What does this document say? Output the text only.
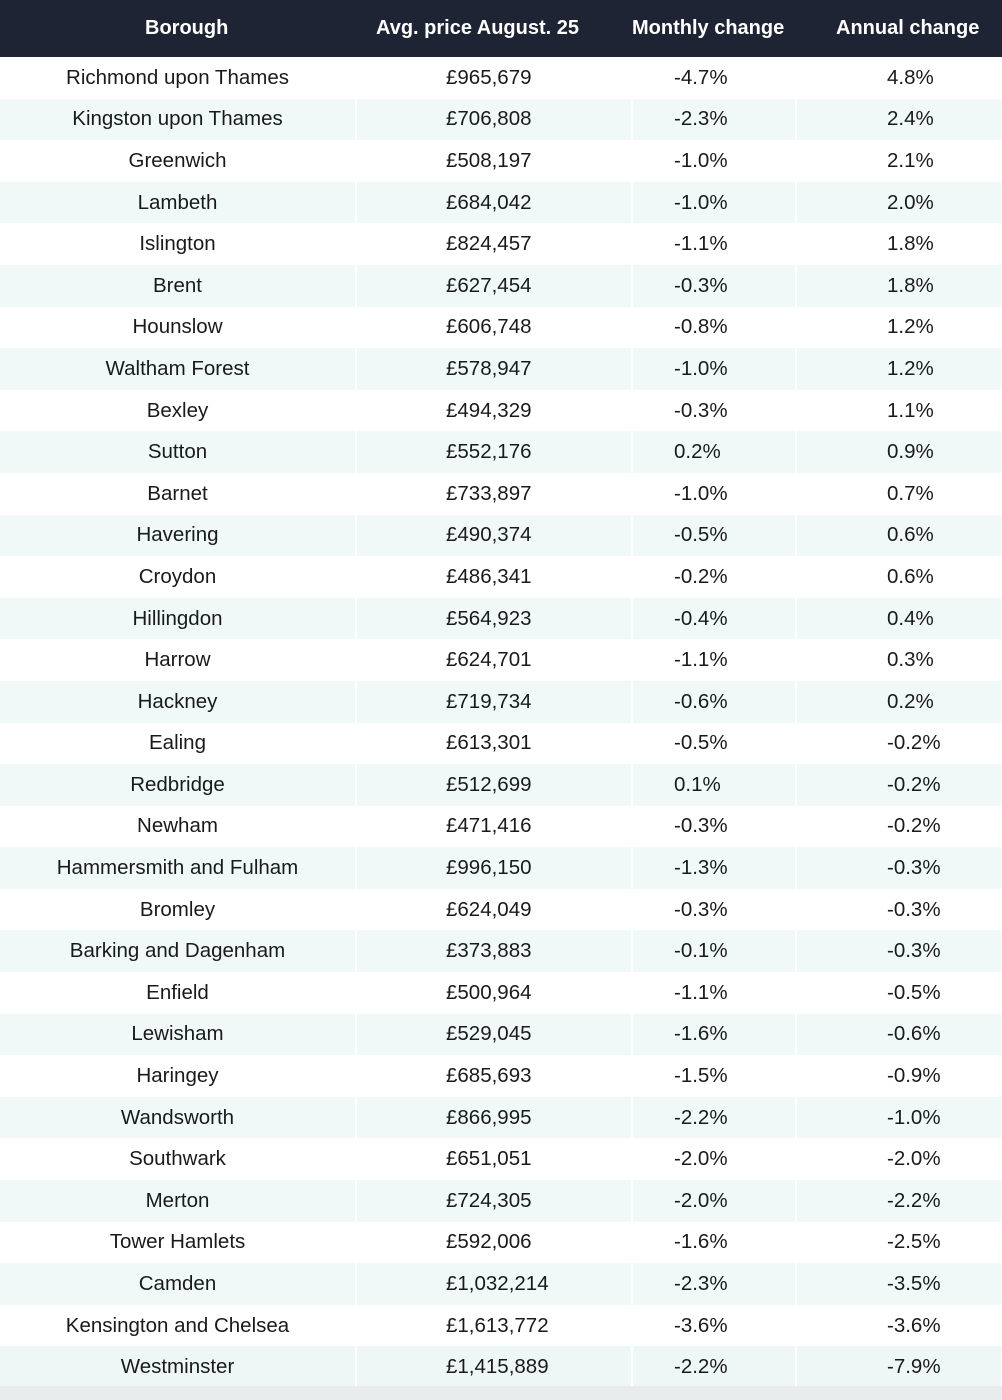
Borough	Avg. price August. 25	Monthly change	Annual change
Richmond upon Thames	£965,679	-4.7%	4.8%
Kingston upon Thames	£706,808	-2.3%	2.4%
Greenwich	£508,197	-1.0%	2.1%
Lambeth	£684,042	-1.0%	2.0%
Islington	£824,457	-1.1%	1.8%
Brent	£627,454	-0.3%	1.8%
Hounslow	£606,748	-0.8%	1.2%
Waltham Forest	£578,947	-1.0%	1.2%
Bexley	£494,329	-0.3%	1.1%
Sutton	£552,176	0.2%	0.9%
Barnet	£733,897	-1.0%	0.7%
Havering	£490,374	-0.5%	0.6%
Croydon	£486,341	-0.2%	0.6%
Hillingdon	£564,923	-0.4%	0.4%
Harrow	£624,701	-1.1%	0.3%
Hackney	£719,734	-0.6%	0.2%
Ealing	£613,301	-0.5%	-0.2%
Redbridge	£512,699	0.1%	-0.2%
Newham	£471,416	-0.3%	-0.2%
Hammersmith and Fulham	£996,150	-1.3%	-0.3%
Bromley	£624,049	-0.3%	-0.3%
Barking and Dagenham	£373,883	-0.1%	-0.3%
Enfield	£500,964	-1.1%	-0.5%
Lewisham	£529,045	-1.6%	-0.6%
Haringey	£685,693	-1.5%	-0.9%
Wandsworth	£866,995	-2.2%	-1.0%
Southwark	£651,051	-2.0%	-2.0%
Merton	£724,305	-2.0%	-2.2%
Tower Hamlets	£592,006	-1.6%	-2.5%
Camden	£1,032,214	-2.3%	-3.5%
Kensington and Chelsea	£1,613,772	-3.6%	-3.6%
Westminster	£1,415,889	-2.2%	-7.9%
